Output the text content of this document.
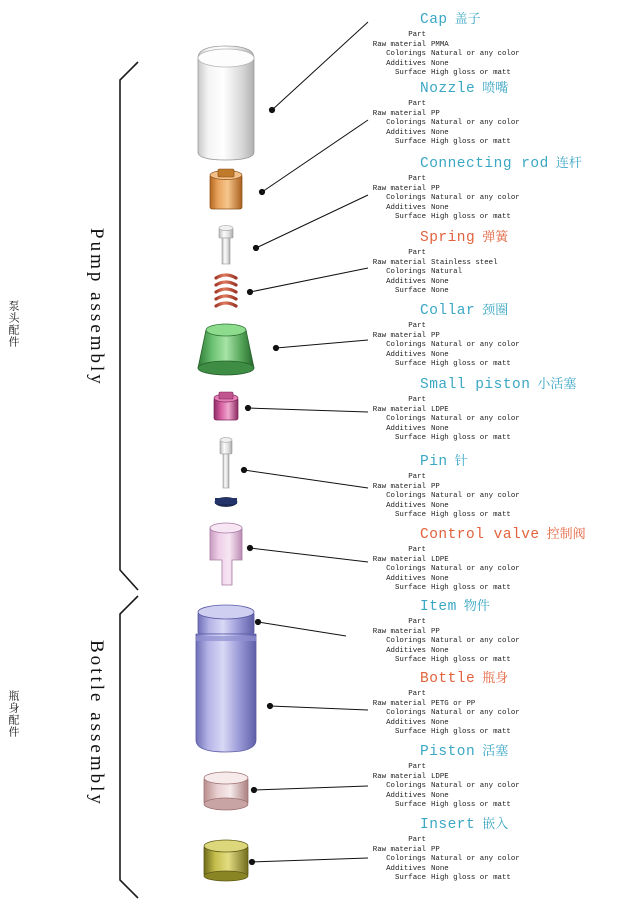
泵头配件	Pump assembly
瓶身配件	Bottle assembly
Cap 盖子
Part	
Raw material	PMMA
Colorings	Natural or any color
Additives	None
Surface	High gloss or matt
Nozzle 喷嘴
Part	
Raw material	PP
Colorings	Natural or any color
Additives	None
Surface	High gloss or matt
Connecting rod 连杆
Part	
Raw material	PP
Colorings	Natural or any color
Additives	None
Surface	High gloss or matt
Spring 弹簧
Part	
Raw material	Stainless steel
Colorings	Natural
Additives	None
Surface	None
Collar 颈圈
Part	
Raw material	PP
Colorings	Natural or any color
Additives	None
Surface	High gloss or matt
Small piston 小活塞
Part	
Raw material	LDPE
Colorings	Natural or any color
Additives	None
Surface	High gloss or matt
Pin 针
Part	
Raw material	PP
Colorings	Natural or any color
Additives	None
Surface	High gloss or matt
Control valve 控制阀
Part	
Raw material	LDPE
Colorings	Natural or any color
Additives	None
Surface	High gloss or matt
Item 物件
Part	
Raw material	PP
Colorings	Natural or any color
Additives	None
Surface	High gloss or matt
Bottle 瓶身
Part	
Raw material	PETG or PP
Colorings	Natural or any color
Additives	None
Surface	High gloss or matt
Piston 活塞
Part	
Raw material	LDPE
Colorings	Natural or any color
Additives	None
Surface	High gloss or matt
Insert 嵌入
Part	
Raw material	PP
Colorings	Natural or any color
Additives	None
Surface	High gloss or matt
